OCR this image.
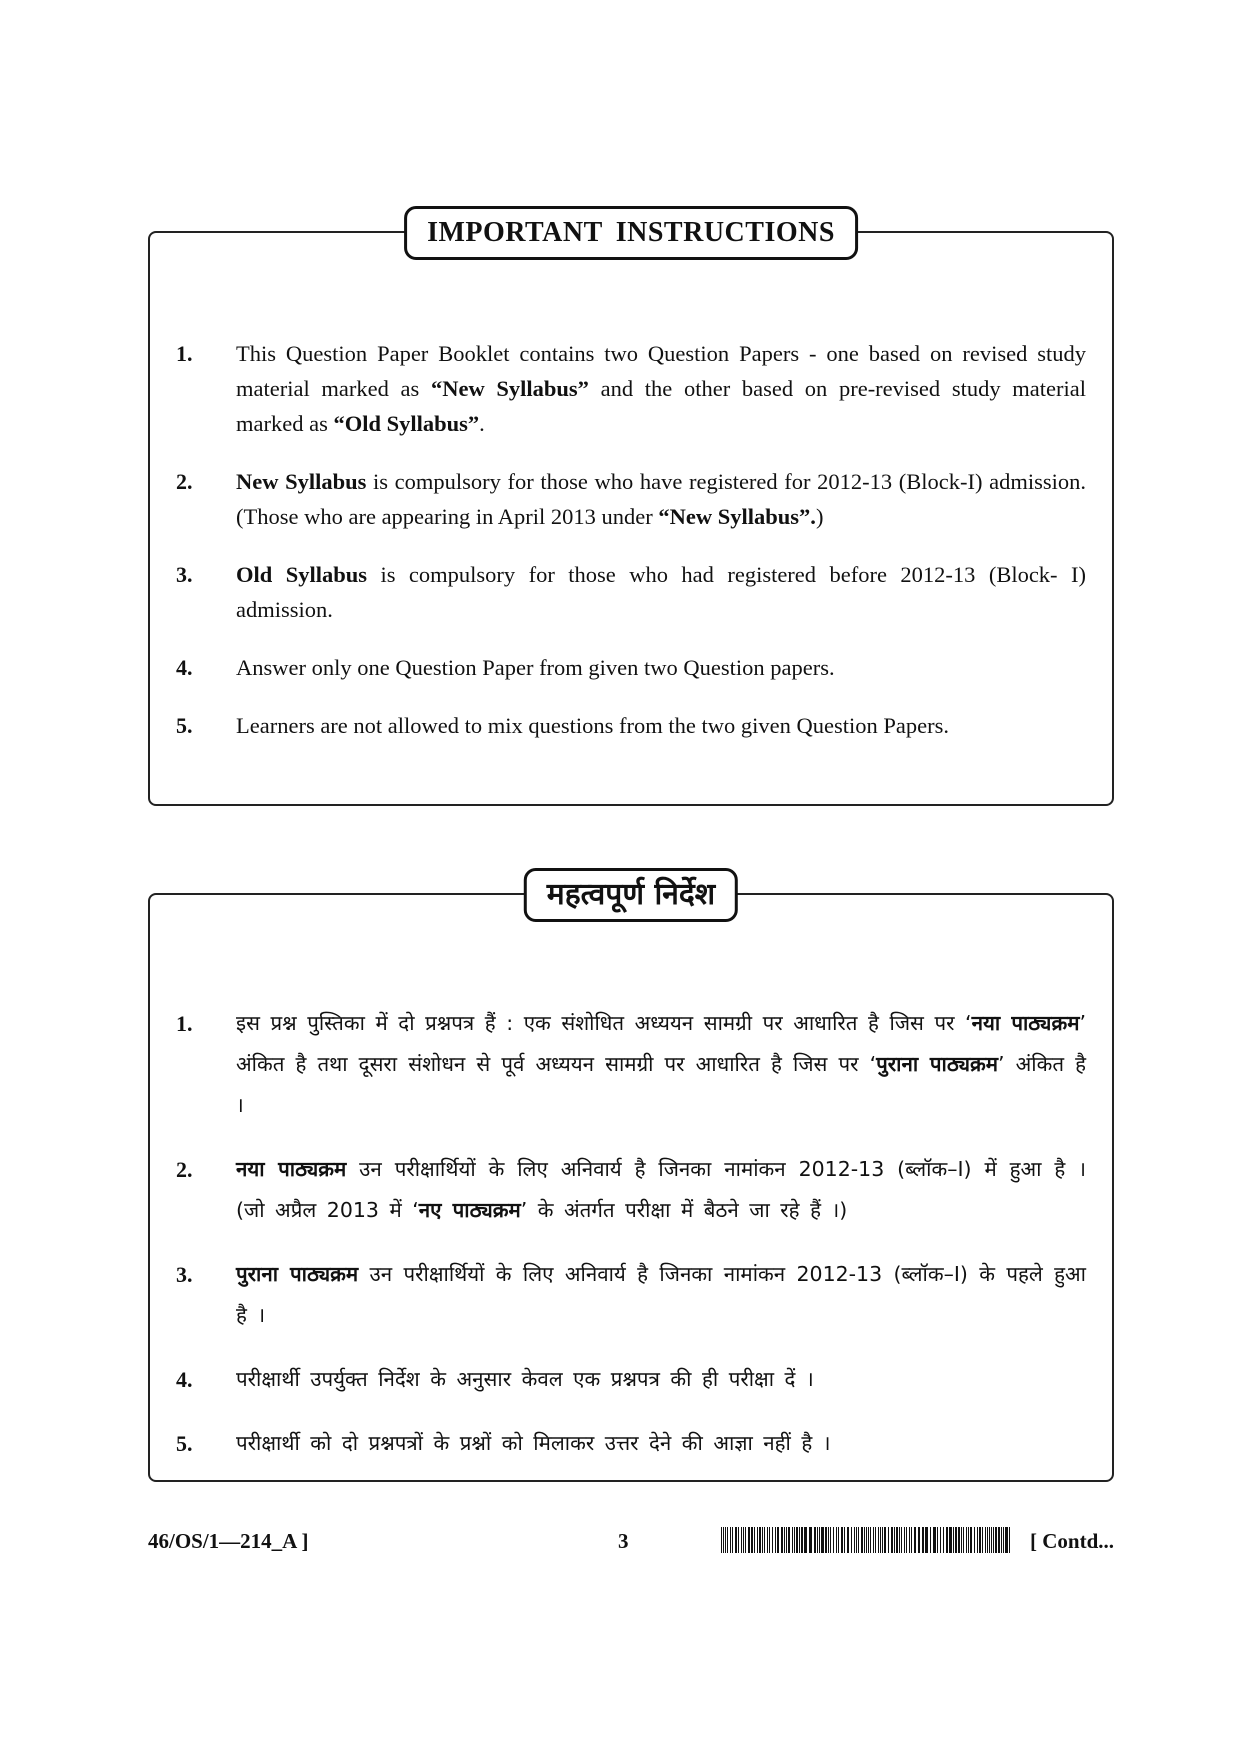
IMPORTANT INSTRUCTIONS
1.	This Question Paper Booklet contains two Question Papers - one based on revised study material marked as “New Syllabus” and the other based on pre-revised study material marked as “Old Syllabus”.
2.	New Syllabus is compulsory for those who have registered for 2012-13 (Block-I) admission. (Those who are appearing in April 2013 under “New Syllabus”.)
3.	Old Syllabus is compulsory for those who had registered before 2012-13 (Block- I) admission.
4.	Answer only one Question Paper from given two Question papers.
5.	Learners are not allowed to mix questions from the two given Question Papers.
महत्वपूर्ण निर्देश
1.	इस प्रश्न पुस्तिका में दो प्रश्नपत्र हैं : एक संशोधित अध्ययन सामग्री पर आधारित है जिस पर ‘नया पाठ्यक्रम’ अंकित है तथा दूसरा संशोधन से पूर्व अध्ययन सामग्री पर आधारित है जिस पर ‘पुराना पाठ्यक्रम’ अंकित है ।
2.	नया पाठ्यक्रम उन परीक्षार्थियों के लिए अनिवार्य है जिनका नामांकन 2012-13 (ब्लॉक–I) में हुआ है । (जो अप्रैल 2013 में ‘नए पाठ्यक्रम’ के अंतर्गत परीक्षा में बैठने जा रहे हैं ।)
3.	पुराना पाठ्यक्रम उन परीक्षार्थियों के लिए अनिवार्य है जिनका नामांकन 2012-13 (ब्लॉक–I) के पहले हुआ है ।
4.	परीक्षार्थी उपर्युक्त निर्देश के अनुसार केवल एक प्रश्नपत्र की ही परीक्षा दें ।
5.	परीक्षार्थी को दो प्रश्नपत्रों के प्रश्नों को मिलाकर उत्तर देने की आज्ञा नहीं है ।
46/OS/1—214_A ]	3	[ Contd...
